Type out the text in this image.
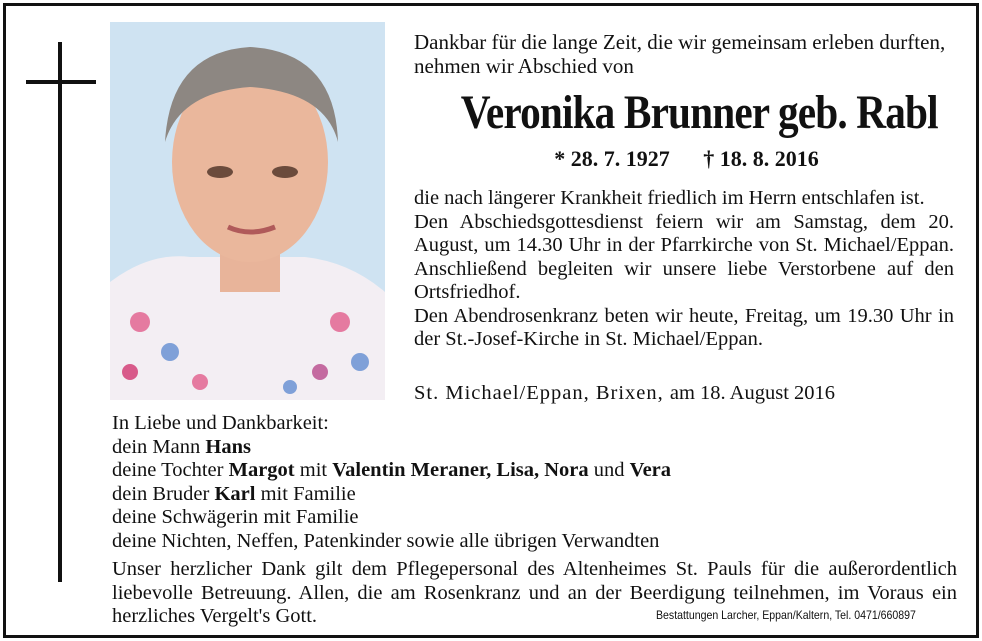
Dankbar für die lange Zeit, die wir gemeinsam erleben durften, nehmen wir Abschied von
Veronika Brunner geb. Rabl
* 28. 7. 1927 † 18. 8. 2016

die nach längerer Krankheit friedlich im Herrn entschlafen ist.

Den Abschiedsgottesdienst feiern wir am Samstag, dem 20. August, um 14.30 Uhr in der Pfarrkirche von St. Michael/Eppan. Anschließend begleiten wir unsere liebe Verstorbene auf den Ortsfriedhof.

Den Abendrosenkranz beten wir heute, Freitag, um 19.30 Uhr in der St.-Josef-Kirche in St. Michael/Eppan.

St. Michael/Eppan, Brixen, am 18. August 2016
In Liebe und Dankbarkeit:
dein Mann Hans
deine Tochter Margot mit Valentin Meraner, Lisa, Nora und Vera
dein Bruder Karl mit Familie
deine Schwägerin mit Familie
deine Nichten, Neffen, Patenkinder sowie alle übrigen Verwandten
Unser herzlicher Dank gilt dem Pflegepersonal des Altenheimes St. Pauls für die außerordentlich liebevolle Betreuung. Allen, die am Rosenkranz und an der Beerdigung teilnehmen, im Voraus ein herzliches Vergelt's Gott.	Bestattungen Larcher, Eppan/Kaltern, Tel. 0471/660897
